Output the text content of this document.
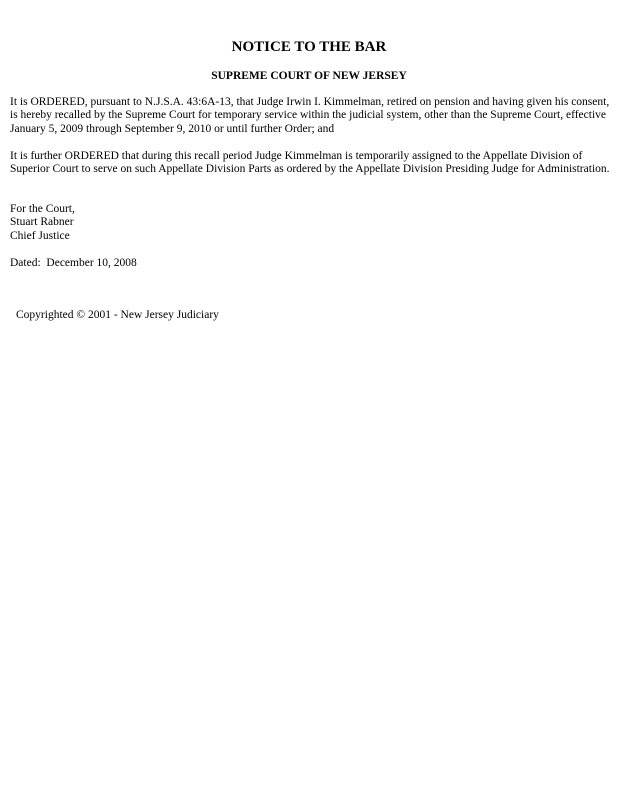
NOTICE TO THE BAR
SUPREME COURT OF NEW JERSEY

It is ORDERED, pursuant to N.J.S.A. 43:6A-13, that Judge Irwin I. Kimmelman, retired on pension and having given his consent, is hereby recalled by the Supreme Court for temporary service within the judicial system, other than the Supreme Court, effective January 5, 2009 through September 9, 2010 or until further Order; and

It is further ORDERED that during this recall period Judge Kimmelman is temporarily assigned to the Appellate Division of Superior Court to serve on such Appellate Division Parts as ordered by the Appellate Division Presiding Judge for Administration.

For the Court,
Stuart Rabner
Chief Justice

Dated:  December 10, 2008

Copyrighted © 2001 - New Jersey Judiciary
